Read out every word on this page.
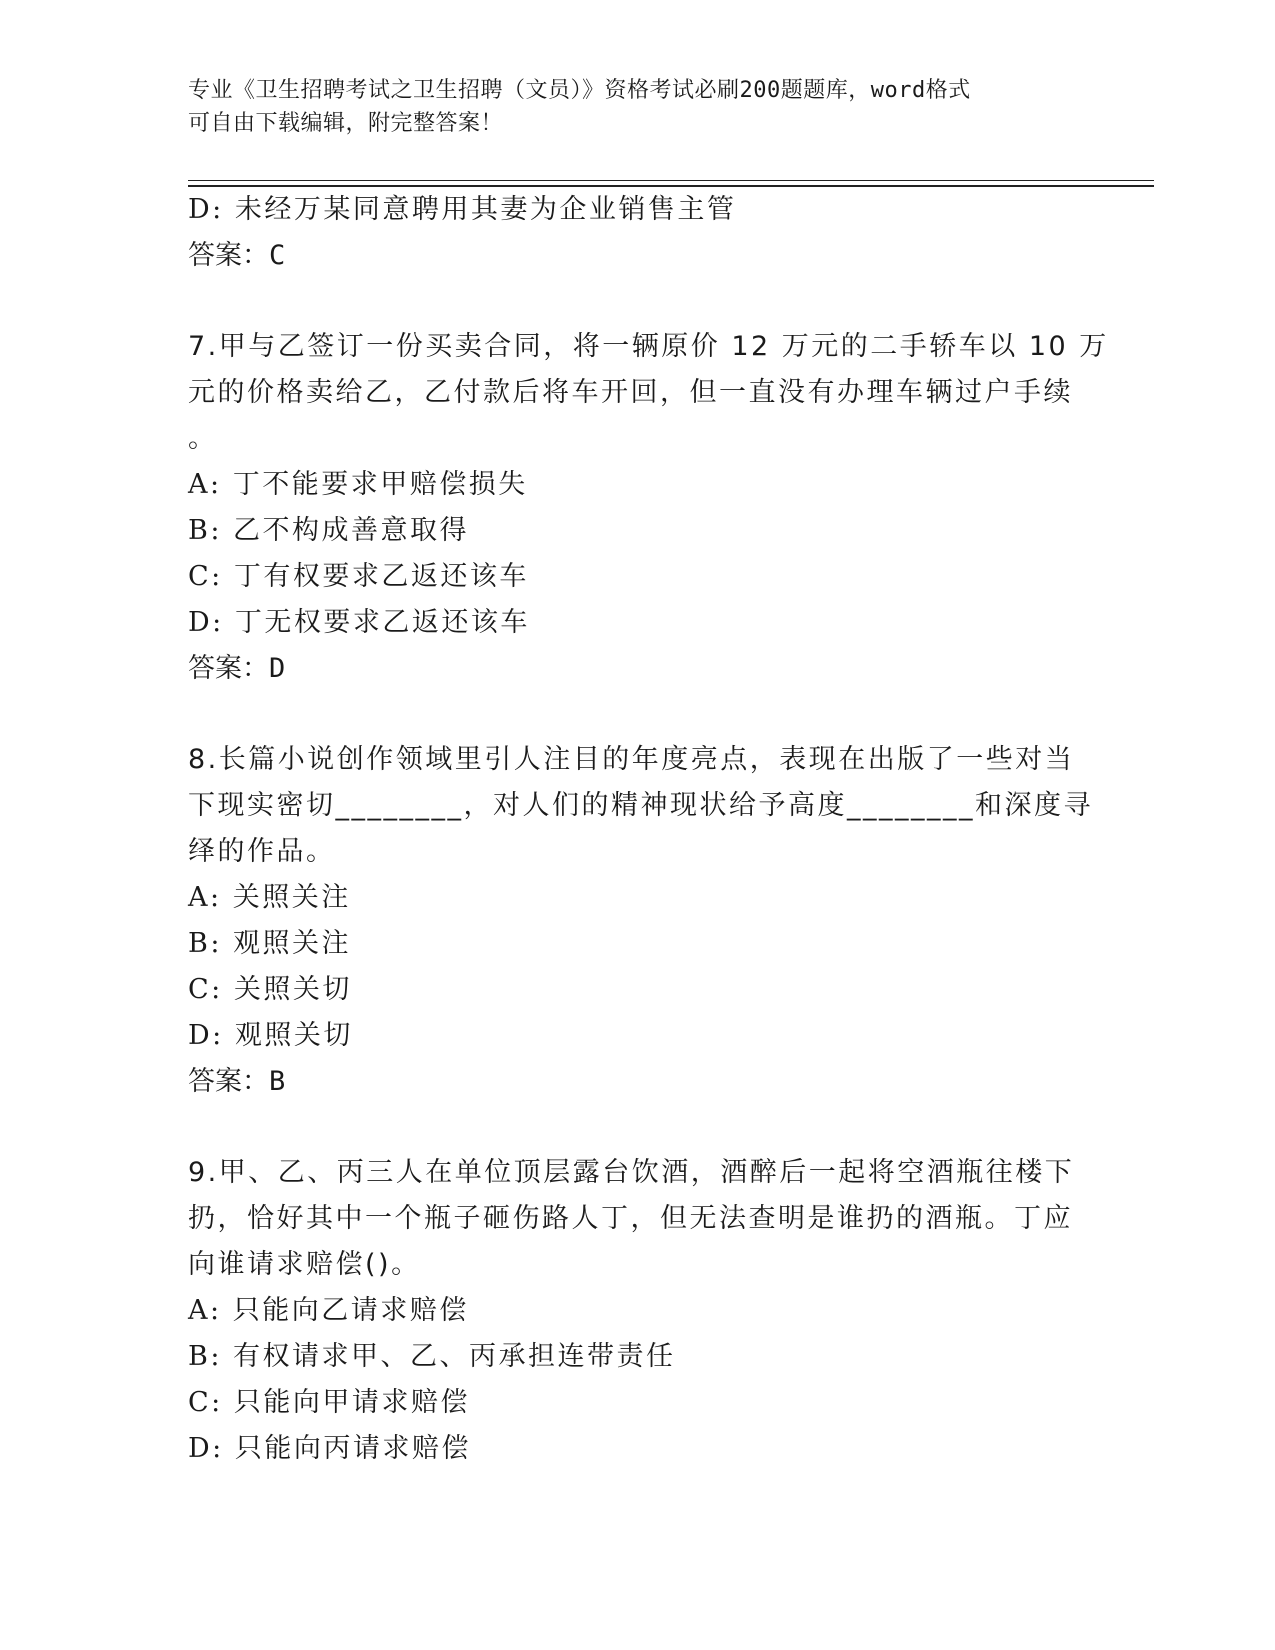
专业《卫生招聘考试之卫生招聘（文员）》资格考试必刷200题题库，word格式
可自由下载编辑，附完整答案！
D: 未经万某同意聘用其妻为企业销售主管
答案：C
7.甲与乙签订一份买卖合同，将一辆原价 12 万元的二手轿车以 10 万
元的价格卖给乙，乙付款后将车开回，但一直没有办理车辆过户手续
。
A: 丁不能要求甲赔偿损失
B: 乙不构成善意取得
C: 丁有权要求乙返还该车
D: 丁无权要求乙返还该车
答案：D
8.长篇小说创作领域里引人注目的年度亮点，表现在出版了一些对当
下现实密切________，对人们的精神现状给予高度________和深度寻
绎的作品。
A: 关照关注
B: 观照关注
C: 关照关切
D: 观照关切
答案：B
9.甲、乙、丙三人在单位顶层露台饮酒，酒醉后一起将空酒瓶往楼下
扔，恰好其中一个瓶子砸伤路人丁，但无法查明是谁扔的酒瓶。丁应
向谁请求赔偿()。
A: 只能向乙请求赔偿
B: 有权请求甲、乙、丙承担连带责任
C: 只能向甲请求赔偿
D: 只能向丙请求赔偿
